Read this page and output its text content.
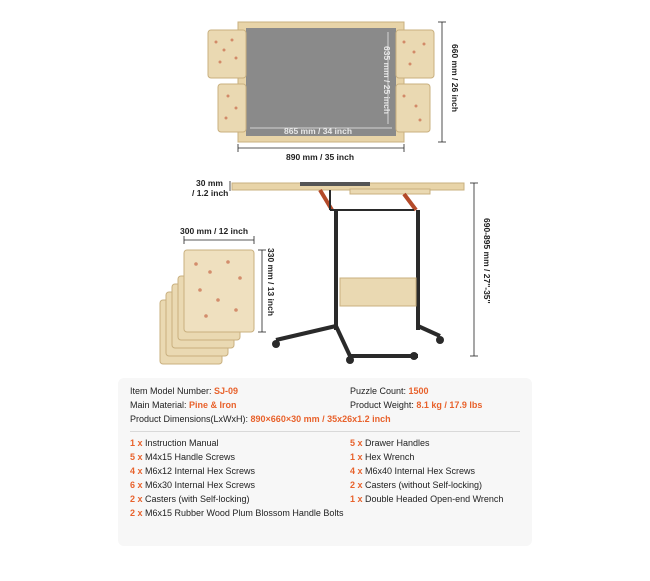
635 mm / 25 inch
865 mm / 34 inch
890 mm / 35 inch
660 mm / 26 inch
30 mm
/ 1.2 inch
690-895 mm / 27''-35''
300 mm / 12 inch
330 mm / 13 inch
Item Model Number: SJ-09	Puzzle Count: 1500
Main Material: Pine & Iron	Product Weight: 8.1 kg / 17.9 lbs
Product Dimensions(LxWxH): 890×660×30 mm / 35x26x1.2 inch
1 x Instruction Manual	5 x Drawer Handles
5 x M4x15 Handle Screws	1 x Hex Wrench
4 x M6x12 Internal Hex Screws	4 x M6x40 Internal Hex Screws
6 x M6x30 Internal Hex Screws	2 x Casters (without Self-locking)
2 x Casters (with Self-locking)	1 x Double Headed Open-end Wrench
2 x M6x15 Rubber Wood Plum Blossom Handle Bolts
